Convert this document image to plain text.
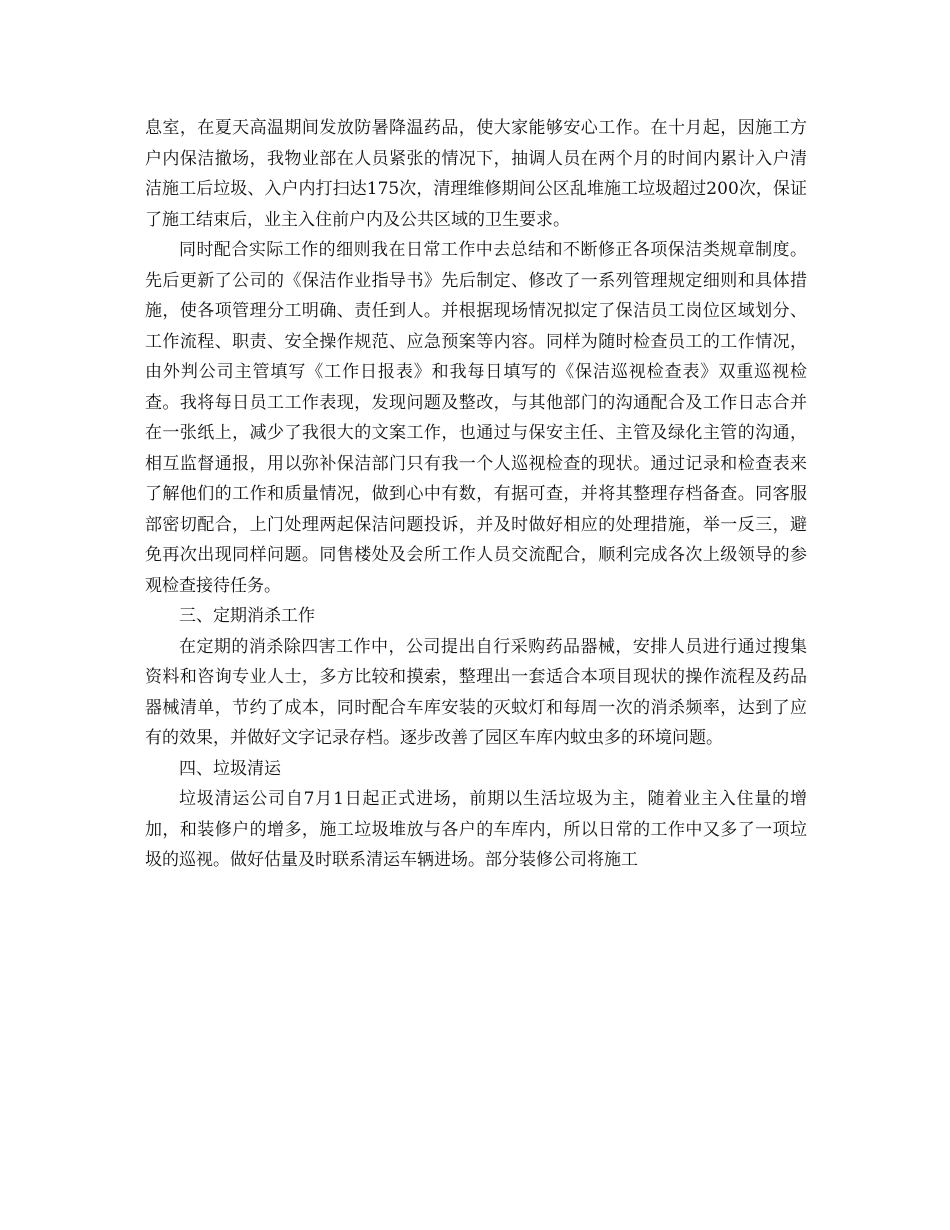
息室，在夏天高温期间发放防暑降温药品，使大家能够安心工作。在十月起，因施工方户内保洁撤场，我物业部在人员紧张的情况下，抽调人员在两个月的时间内累计入户清洁施工后垃圾、入户内打扫达175次，清理维修期间公区乱堆施工垃圾超过200次，保证了施工结束后，业主入住前户内及公共区域的卫生要求。

同时配合实际工作的细则我在日常工作中去总结和不断修正各项保洁类规章制度。先后更新了公司的《保洁作业指导书》先后制定、修改了一系列管理规定细则和具体措施，使各项管理分工明确、责任到人。并根据现场情况拟定了保洁员工岗位区域划分、工作流程、职责、安全操作规范、应急预案等内容。同样为随时检查员工的工作情况，由外判公司主管填写《工作日报表》和我每日填写的《保洁巡视检查表》双重巡视检查。我将每日员工工作表现，发现问题及整改，与其他部门的沟通配合及工作日志合并在一张纸上，减少了我很大的文案工作，也通过与保安主任、主管及绿化主管的沟通，相互监督通报，用以弥补保洁部门只有我一个人巡视检查的现状。通过记录和检查表来了解他们的工作和质量情况，做到心中有数，有据可查，并将其整理存档备查。同客服部密切配合，上门处理两起保洁问题投诉，并及时做好相应的处理措施，举一反三，避免再次出现同样问题。同售楼处及会所工作人员交流配合，顺利完成各次上级领导的参观检查接待任务。

三、定期消杀工作

在定期的消杀除四害工作中，公司提出自行采购药品器械，安排人员进行通过搜集资料和咨询专业人士，多方比较和摸索，整理出一套适合本项目现状的操作流程及药品器械清单，节约了成本，同时配合车库安装的灭蚊灯和每周一次的消杀频率，达到了应有的效果，并做好文字记录存档。逐步改善了园区车库内蚊虫多的环境问题。

四、垃圾清运

垃圾清运公司自7月1日起正式进场，前期以生活垃圾为主，随着业主入住量的增加，和装修户的增多，施工垃圾堆放与各户的车库内，所以日常的工作中又多了一项垃圾的巡视。做好估量及时联系清运车辆进场。部分装修公司将施工
